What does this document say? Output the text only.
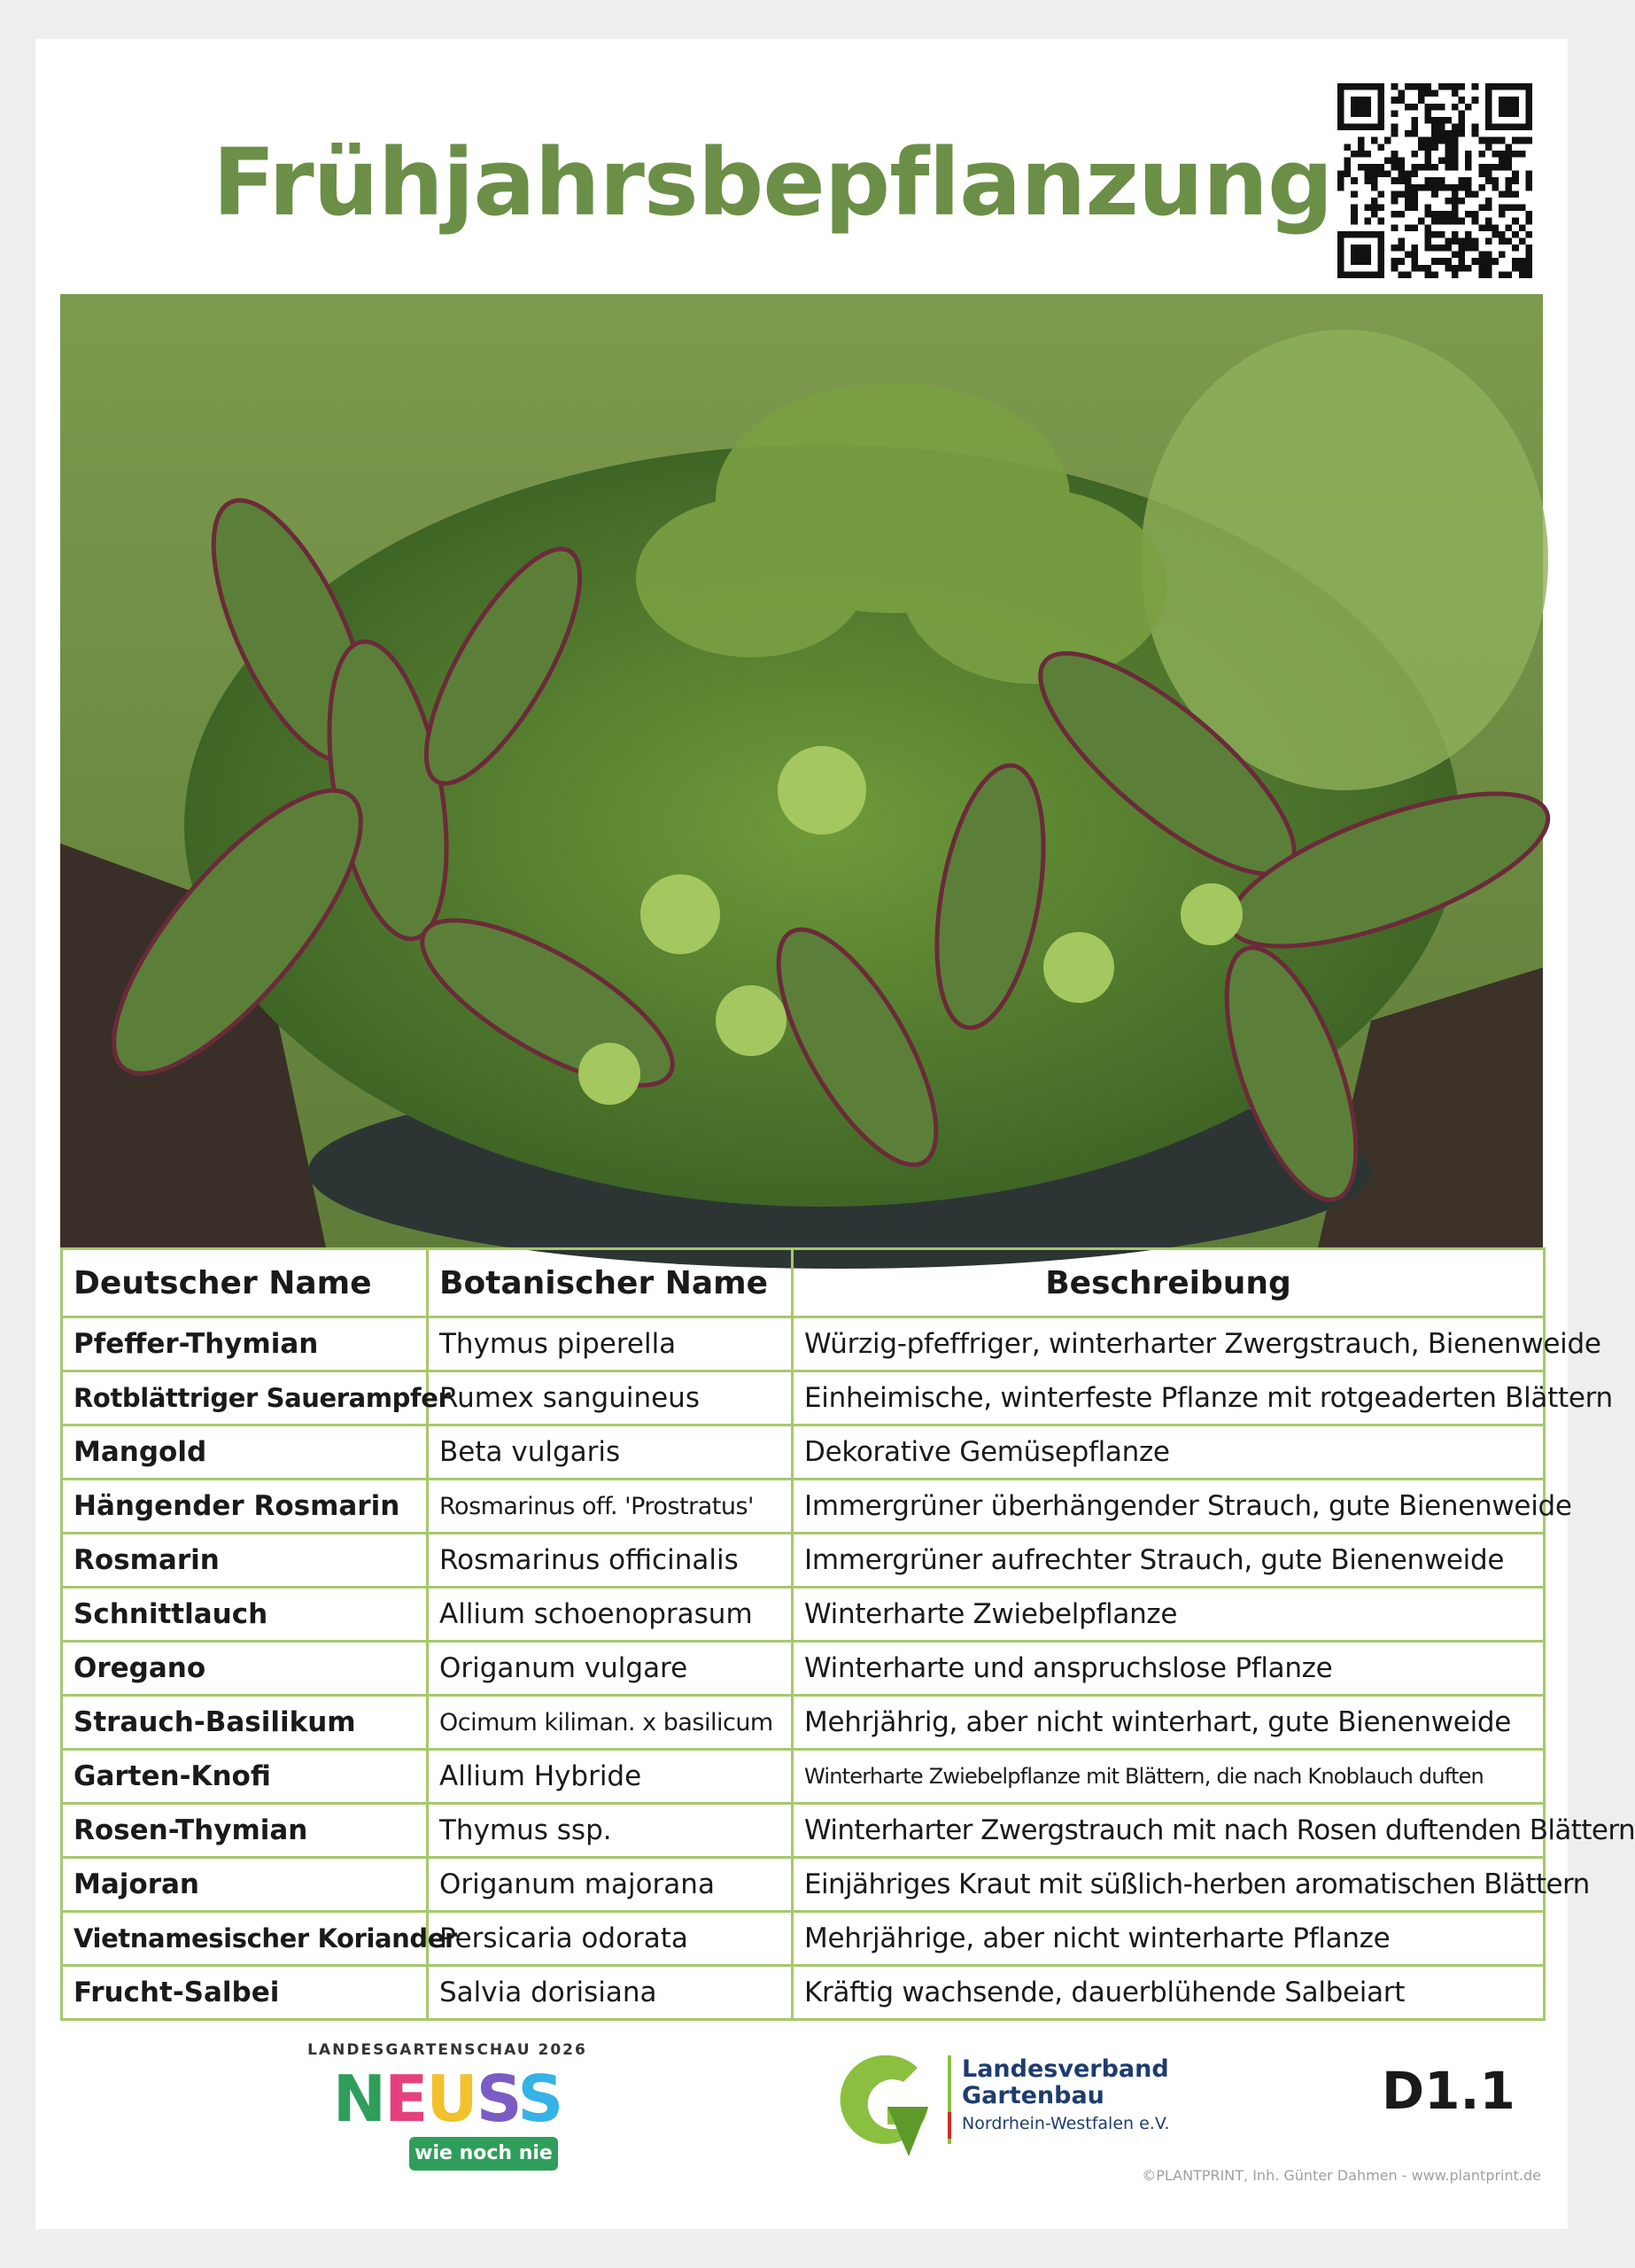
Frühjahrsbepflanzung
Deutscher Name	Botanischer Name	Beschreibung
Pfeffer-Thymian	Thymus piperella	Würzig-pfeffriger, winterharter Zwergstrauch, Bienenweide
Rotblättriger Sauerampfer	Rumex sanguineus	Einheimische, winterfeste Pflanze mit rotgeaderten Blättern
Mangold	Beta vulgaris	Dekorative Gemüsepflanze
Hängender Rosmarin	Rosmarinus off. 'Prostratus'	Immergrüner überhängender Strauch, gute Bienenweide
Rosmarin	Rosmarinus officinalis	Immergrüner aufrechter Strauch, gute Bienenweide
Schnittlauch	Allium schoenoprasum	Winterharte Zwiebelpflanze
Oregano	Origanum vulgare	Winterharte und anspruchslose Pflanze
Strauch-Basilikum	Ocimum kiliman. x basilicum	Mehrjährig, aber nicht winterhart, gute Bienenweide
Garten-Knofi	Allium Hybride	Winterharte Zwiebelpflanze mit Blättern, die nach Knoblauch duften
Rosen-Thymian	Thymus ssp.	Winterharter Zwergstrauch mit nach Rosen duftenden Blättern
Majoran	Origanum majorana	Einjähriges Kraut mit süßlich-herben aromatischen Blättern
Vietnamesischer Koriander	Persicaria odorata	Mehrjährige, aber nicht winterharte Pflanze
Frucht-Salbei	Salvia dorisiana	Kräftig wachsende, dauerblühende Salbeiart
LANDESGARTENSCHAU 2026
NEUSS
wie noch nie
Landesverband
Gartenbau
Nordrhein-Westfalen e.V.
D1.1
©PLANTPRINT, Inh. Günter Dahmen - www.plantprint.de
